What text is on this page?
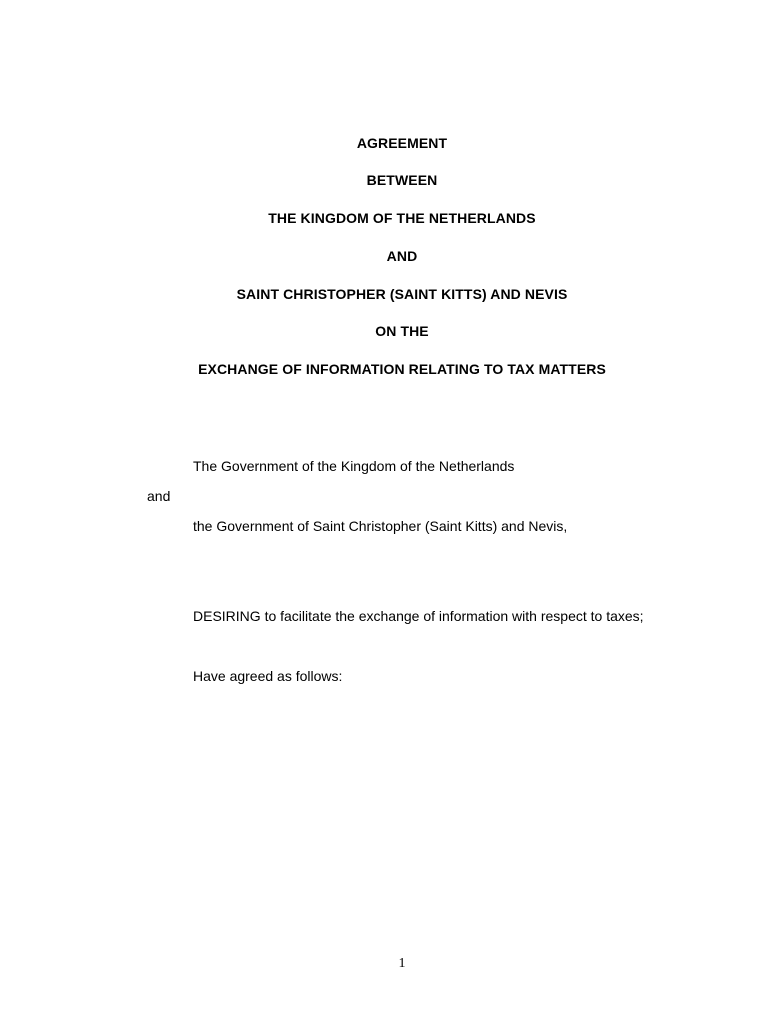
AGREEMENT
BETWEEN
THE KINGDOM OF THE NETHERLANDS
AND
SAINT CHRISTOPHER (SAINT KITTS) AND NEVIS
ON THE
EXCHANGE OF INFORMATION RELATING TO TAX MATTERS
The Government of the Kingdom of the Netherlands
and
the Government of Saint Christopher (Saint Kitts) and Nevis,
DESIRING to facilitate the exchange of information with respect to taxes;
Have agreed as follows:
1
